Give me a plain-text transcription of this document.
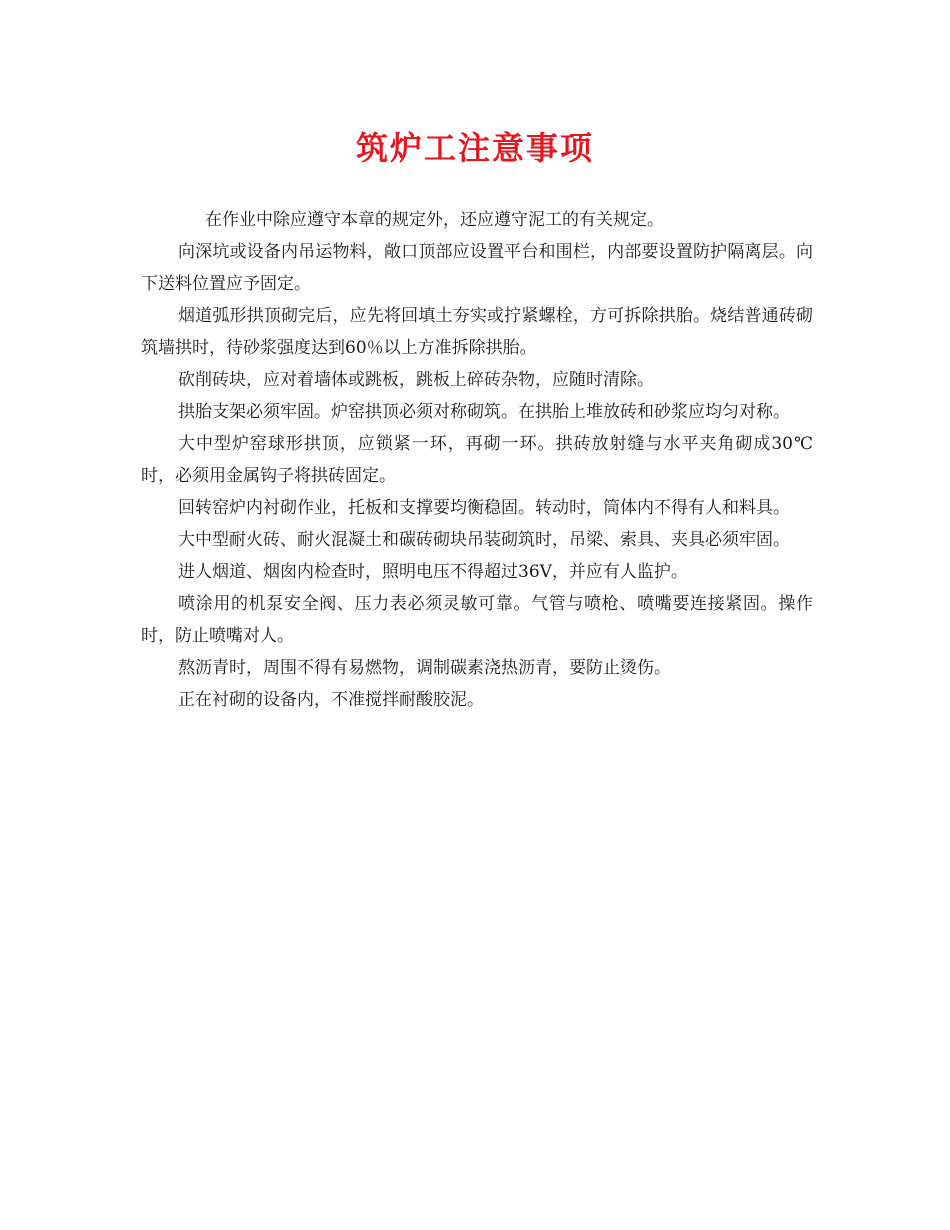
筑炉工注意事项

在作业中除应遵守本章的规定外，还应遵守泥工的有关规定。

向深坑或设备内吊运物料，敞口顶部应设置平台和围栏，内部要设置防护隔离层。向下送料位置应予固定。

烟道弧形拱顶砌完后，应先将回填土夯实或拧紧螺栓，方可拆除拱胎。烧结普通砖砌筑墙拱时，待砂浆强度达到60％以上方准拆除拱胎。

砍削砖块，应对着墙体或跳板，跳板上碎砖杂物，应随时清除。

拱胎支架必须牢固。炉窑拱顶必须对称砌筑。在拱胎上堆放砖和砂浆应均匀对称。

大中型炉窑球形拱顶，应锁紧一环，再砌一环。拱砖放射缝与水平夹角砌成30℃时，必须用金属钩子将拱砖固定。

回转窑炉内衬砌作业，托板和支撑要均衡稳固。转动时，筒体内不得有人和料具。

大中型耐火砖、耐火混凝土和碳砖砌块吊装砌筑时，吊梁、索具、夹具必须牢固。

进人烟道、烟囱内检查时，照明电压不得超过36V，并应有人监护。

喷涂用的机泵安全阀、压力表必须灵敏可靠。气管与喷枪、喷嘴要连接紧固。操作时，防止喷嘴对人。

熬沥青时，周围不得有易燃物，调制碳素浇热沥青，要防止烫伤。

正在衬砌的设备内，不准搅拌耐酸胶泥。
